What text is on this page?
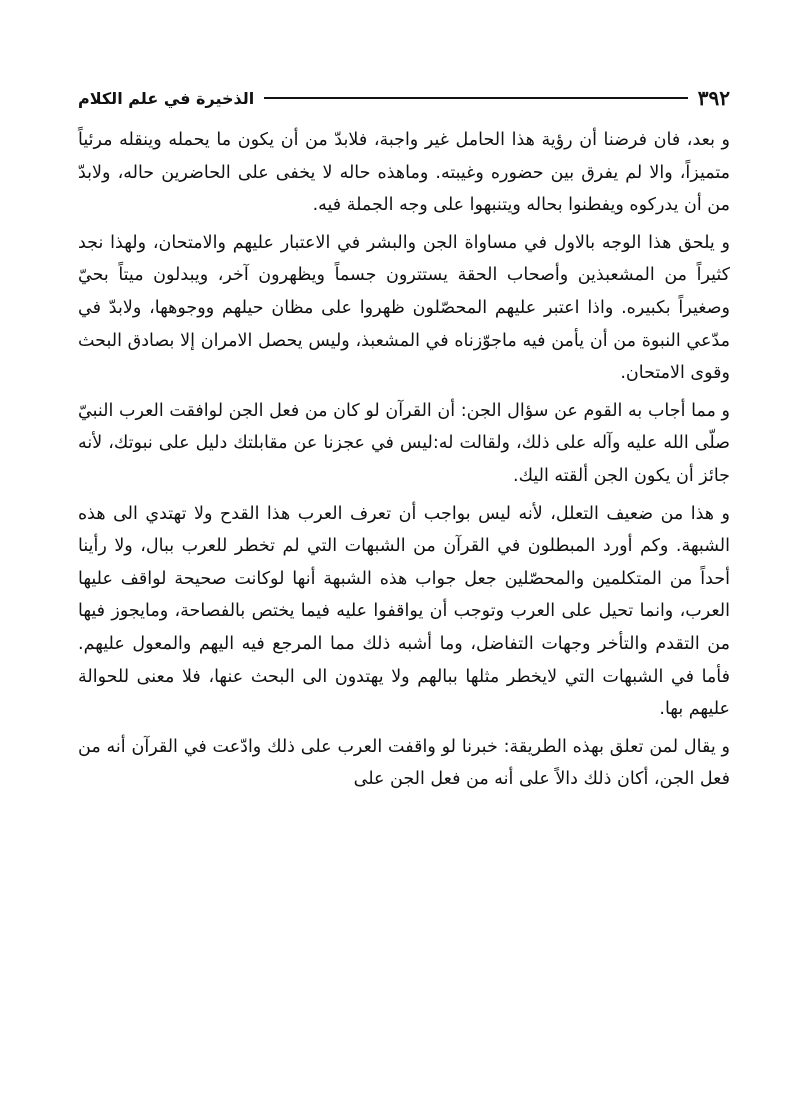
٣٩٢
الذخيرة في علم الكلام

و بعد، فان فرضنا أن رؤية هذا الحامل غير واجبة، فلابدّ من أن يكون ما يحمله وينقله مرئياً متميزاً، والا لم يفرق بين حضوره وغيبته. وماهذه حاله لا يخفى على الحاضرين حاله، ولابدّ من أن يدركوه ويفطنوا بحاله ويتنبهوا على وجه الجملة فيه.

و يلحق هذا الوجه بالاول في مساواة الجن والبشر في الاعتبار عليهم والامتحان، ولهذا نجد كثيراً من المشعبذين وأصحاب الحقة يستترون جسماً ويظهرون آخر، ويبدلون ميتاً بحيّ وصغيراً بكبيره. واذا اعتبر عليهم المحصّلون ظهروا على مظان حيلهم ووجوهها، ولابدّ في مدّعي النبوة من أن يأمن فيه ماجوّزناه في المشعبذ، وليس يحصل الامران إلا بصادق البحث وقوى الامتحان.

و مما أجاب به القوم عن سؤال الجن: أن القرآن لو كان من فعل الجن لوافقت العرب النبيّ صلّى الله عليه وآله على ذلك، ولقالت له:ليس في عجزنا عن مقابلتك دليل على نبوتك، لأنه جائز أن يكون الجن ألقته اليك.

و هذا من ضعيف التعلل، لأنه ليس بواجب أن تعرف العرب هذا القدح ولا تهتدي الى هذه الشبهة. وكم أورد المبطلون في القرآن من الشبهات التي لم تخطر للعرب ببال، ولا رأينا أحداً من المتكلمين والمحصّلين جعل جواب هذه الشبهة أنها لوكانت صحيحة لواقف عليها العرب، وانما تحيل على العرب وتوجب أن يواقفوا عليه فيما يختص بالفصاحة، ومايجوز فيها من التقدم والتأخر وجهات التفاضل، وما أشبه ذلك مما المرجع فيه اليهم والمعول عليهم. فأما في الشبهات التي لايخطر مثلها ببالهم ولا يهتدون الى البحث عنها، فلا معنى للحوالة عليهم بها.

و يقال لمن تعلق بهذه الطريقة: خبرنا لو واقفت العرب على ذلك وادّعت في القرآن أنه من فعل الجن، أكان ذلك دالاً على أنه من فعل الجن على
